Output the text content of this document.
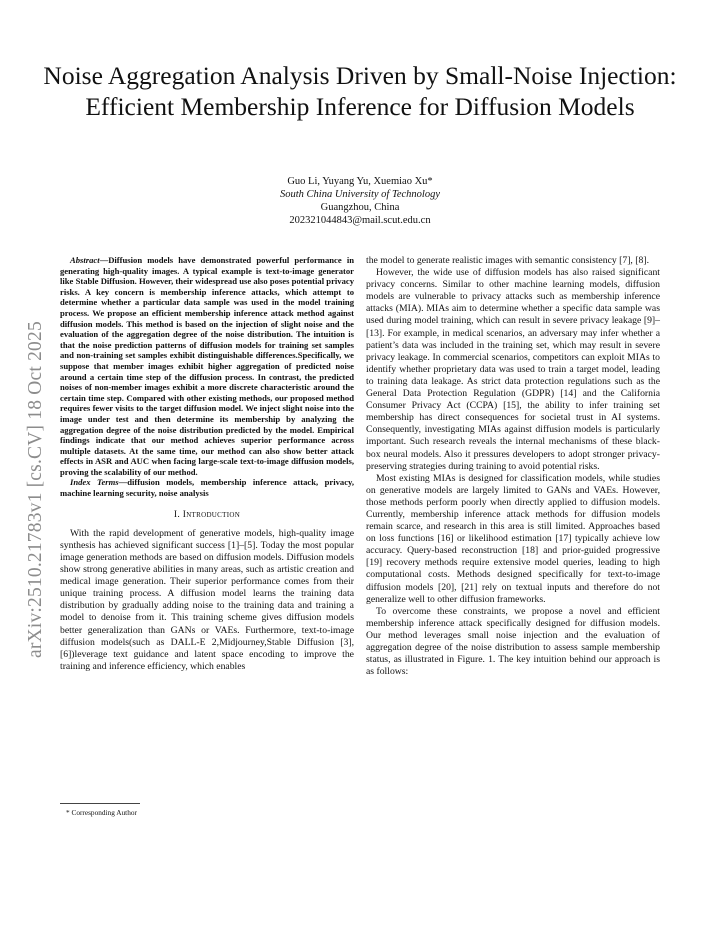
arXiv:2510.21783v1 [cs.CV] 18 Oct 2025
Noise Aggregation Analysis Driven by Small-Noise Injection: Efficient Membership Inference for Diffusion Models
Guo Li, Yuyang Yu, Xuemiao Xu*
South China University of Technology
Guangzhou, China
202321044843@mail.scut.edu.cn

Abstract—Diffusion models have demonstrated powerful performance in generating high-quality images. A typical example is text-to-image generator like Stable Diffusion. However, their widespread use also poses potential privacy risks. A key concern is membership inference attacks, which attempt to determine whether a particular data sample was used in the model training process. We propose an efficient membership inference attack method against diffusion models. This method is based on the injection of slight noise and the evaluation of the aggregation degree of the noise distribution. The intuition is that the noise prediction patterns of diffusion models for training set samples and non-training set samples exhibit distinguishable differences.Specifically, we suppose that member images exhibit higher aggregation of predicted noise around a certain time step of the diffusion process. In contrast, the predicted noises of non-member images exhibit a more discrete characteristic around the certain time step. Compared with other existing methods, our proposed method requires fewer visits to the target diffusion model. We inject slight noise into the image under test and then determine its membership by analyzing the aggregation degree of the noise distribution predicted by the model. Empirical findings indicate that our method achieves superior performance across multiple datasets. At the same time, our method can also show better attack effects in ASR and AUC when facing large-scale text-to-image diffusion models, proving the scalability of our method.

Index Terms—diffusion models, membership inference attack, privacy, machine learning security, noise analysis

I. Introduction

With the rapid development of generative models, high-quality image synthesis has achieved significant success [1]–[5]. Today the most popular image generation methods are based on diffusion models. Diffusion models show strong generative abilities in many areas, such as artistic creation and medical image generation. Their superior performance comes from their unique training process. A diffusion model learns the training data distribution by gradually adding noise to the training data and training a model to denoise from it. This training scheme gives diffusion models better generalization than GANs or VAEs. Furthermore, text-to-image diffusion models(such as DALL-E 2,Midjourney,Stable Diffusion [3], [6])leverage text guidance and latent space encoding to improve the training and inference efficiency, which enables

the model to generate realistic images with semantic consistency [7], [8].

However, the wide use of diffusion models has also raised significant privacy concerns. Similar to other machine learning models, diffusion models are vulnerable to privacy attacks such as membership inference attacks (MIA). MIAs aim to determine whether a specific data sample was used during model training, which can result in severe privacy leakage [9]–[13]. For example, in medical scenarios, an adversary may infer whether a patient’s data was included in the training set, which may result in severe privacy leakage. In commercial scenarios, competitors can exploit MIAs to identify whether proprietary data was used to train a target model, leading to training data leakage. As strict data protection regulations such as the General Data Protection Regulation (GDPR) [14] and the California Consumer Privacy Act (CCPA) [15], the ability to infer training set membership has direct consequences for societal trust in AI systems. Consequently, investigating MIAs against diffusion models is particularly important. Such research reveals the internal mechanisms of these black-box neural models. Also it pressures developers to adopt stronger privacy-preserving strategies during training to avoid potential risks.

Most existing MIAs is designed for classification models, while studies on generative models are largely limited to GANs and VAEs. However, those methods perform poorly when directly applied to diffusion models. Currently, membership inference attack methods for diffusion models remain scarce, and research in this area is still limited. Approaches based on loss functions [16] or likelihood estimation [17] typically achieve low accuracy. Query-based reconstruction [18] and prior-guided progressive [19] recovery methods require extensive model queries, leading to high computational costs. Methods designed specifically for text-to-image diffusion models [20], [21] rely on textual inputs and therefore do not generalize well to other diffusion frameworks.

To overcome these constraints, we propose a novel and efficient membership inference attack specifically designed for diffusion models. Our method leverages small noise injection and the evaluation of aggregation degree of the noise distribution to assess sample membership status, as illustrated in Figure. 1. The key intuition behind our approach is as follows:

* Corresponding Author
